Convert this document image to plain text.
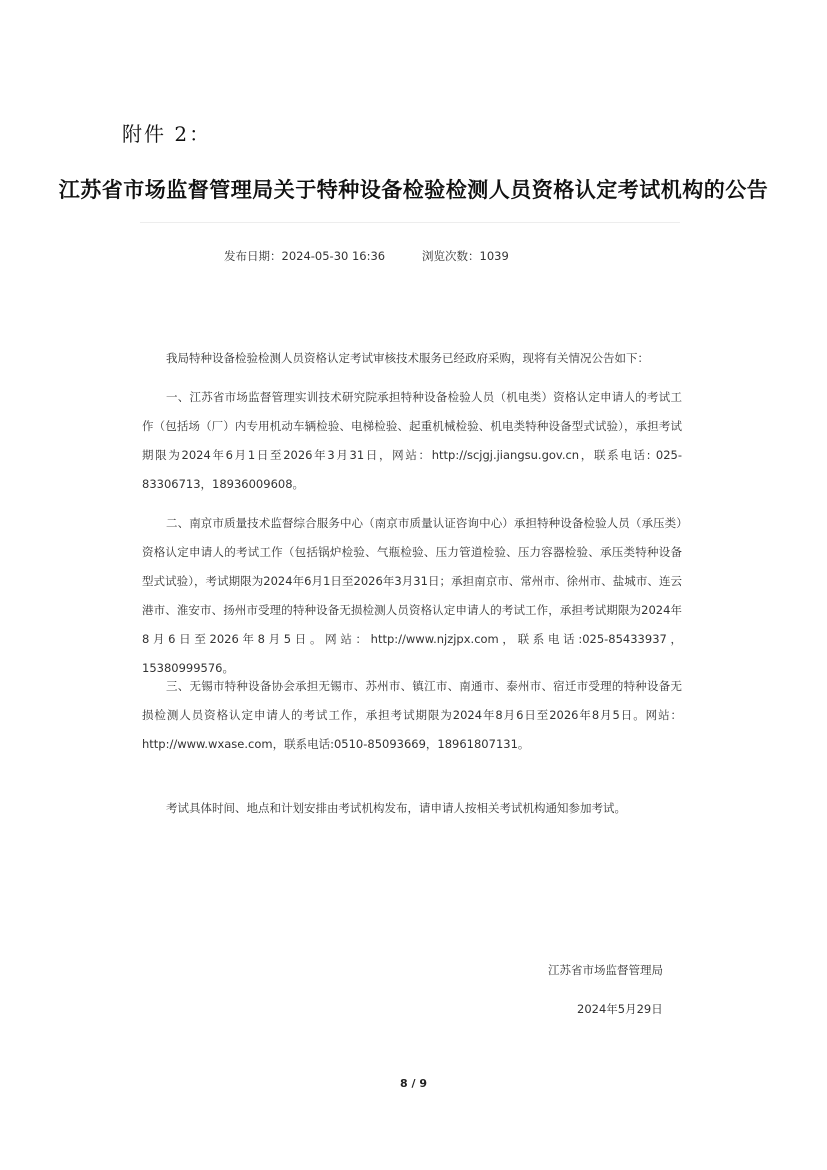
附件 2：
江苏省市场监督管理局关于特种设备检验检测人员资格认定考试机构的公告
发布日期：2024-05-30 16:36	浏览次数：1039

我局特种设备检验检测人员资格认定考试审核技术服务已经政府采购，现将有关情况公告如下：

一、江苏省市场监督管理实训技术研究院承担特种设备检验人员（机电类）资格认定申请人的考试工作（包括场（厂）内专用机动车辆检验、电梯检验、起重机械检验、机电类特种设备型式试验），承担考试期限为2024年6月1日至2026年3月31日，网站：http://scjgj.jiangsu.gov.cn，联系电话: 025-83306713，18936009608。

二、南京市质量技术监督综合服务中心（南京市质量认证咨询中心）承担特种设备检验人员（承压类）资格认定申请人的考试工作（包括锅炉检验、气瓶检验、压力管道检验、压力容器检验、承压类特种设备型式试验），考试期限为2024年6月1日至2026年3月31日；承担南京市、常州市、徐州市、盐城市、连云港市、淮安市、扬州市受理的特种设备无损检测人员资格认定申请人的考试工作，承担考试期限为2024年8月6日至2026年8月5日。网站：http://www.njzjpx.com，联系电话:025-85433937，15380999576。

三、无锡市特种设备协会承担无锡市、苏州市、镇江市、南通市、泰州市、宿迁市受理的特种设备无损检测人员资格认定申请人的考试工作，承担考试期限为2024年8月6日至2026年8月5日。网站：http://www.wxase.com，联系电话:0510-85093669，18961807131。

考试具体时间、地点和计划安排由考试机构发布，请申请人按相关考试机构通知参加考试。

江苏省市场监督管理局
2024年5月29日
8 / 9
